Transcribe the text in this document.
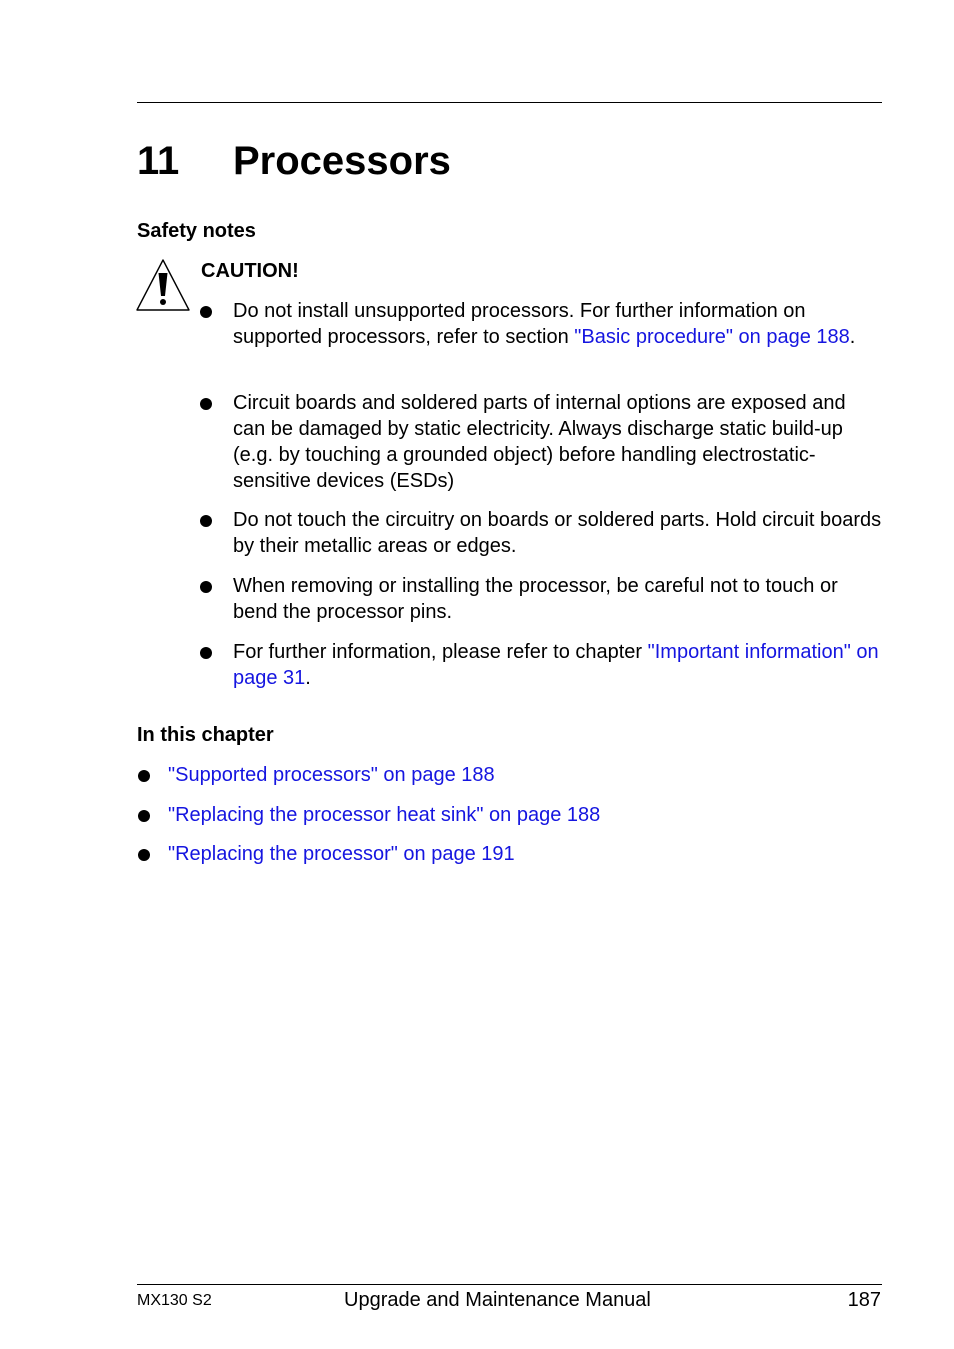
11 Processors
Safety notes
CAUTION!
Do not install unsupported processors. For further information on supported processors, refer to section "Basic procedure" on page 188.
Circuit boards and soldered parts of internal options are exposed and can be damaged by static electricity. Always discharge static build-up (e.g. by touching a grounded object) before handling electrostatic-sensitive devices (ESDs)
Do not touch the circuitry on boards or soldered parts. Hold circuit boards by their metallic areas or edges.
When removing or installing the processor, be careful not to touch or bend the processor pins.
For further information, please refer to chapter "Important information" on page 31.
In this chapter
"Supported processors" on page 188
"Replacing the processor heat sink" on page 188
"Replacing the processor" on page 191
MX130 S2	Upgrade and Maintenance Manual	187
